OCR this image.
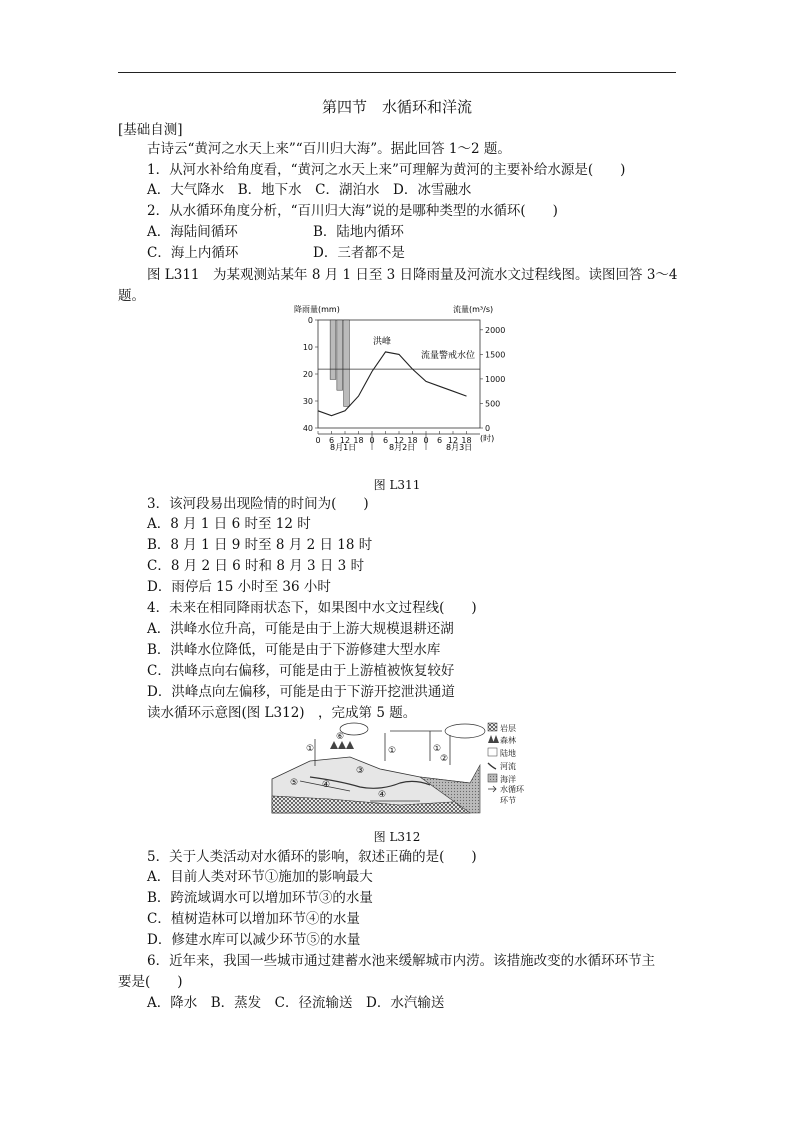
第四节　水循环和洋流
[基础自测]
古诗云“黄河之水天上来”“百川归大海”。据此回答 1～2 题。
1．从河水补给角度看，“黄河之水天上来”可理解为黄河的主要补给水源是(　　)
A．大气降水　B．地下水　C．湖泊水　D．冰雪融水
2．从水循环角度分析，“百川归大海”说的是哪种类型的水循环(　　)
A．海陆间循环	B．陆地内循环
C．海上内循环	D．三者都不是
图 L311　为某观测站某年 8 月 1 日至 3 日降雨量及河流水文过程线图。读图回答 3～4
题。
0
10
20
30
40
2000
1500
1000
500
0
0 6 12 18 0 6 12 18 0 6 12 18
降雨量(mm)	流量(m³/s)
洪峰
流量警戒水位
(时)
8月1日	8月2日	8月3日
图 L311
3．该河段易出现险情的时间为(　　)
A．8 月 1 日 6 时至 12 时
B．8 月 1 日 9 时至 8 月 2 日 18 时
C．8 月 2 日 6 时和 8 月 3 日 3 时
D．雨停后 15 小时至 36 小时
4．未来在相同降雨状态下，如果图中水文过程线(　　)
A．洪峰水位升高，可能是由于上游大规模退耕还湖
B．洪峰水位降低，可能是由于下游修建大型水库
C．洪峰点向右偏移，可能是由于上游植被恢复较好
D．洪峰点向左偏移，可能是由于下游开挖泄洪通道
读水循环示意图(图 L312)　，完成第 5 题。
①	①	①
②
③
④
④
⑤
⑥
岩层
森林
陆地
河流
海洋
水循环
环节
图 L312
5．关于人类活动对水循环的影响，叙述正确的是(　　)
A．目前人类对环节①施加的影响最大
B．跨流域调水可以增加环节③的水量
C．植树造林可以增加环节④的水量
D．修建水库可以减少环节⑤的水量
6．近年来，我国一些城市通过建蓄水池来缓解城市内涝。该措施改变的水循环环节主
要是(　　)
A．降水　B．蒸发　C．径流输送　D．水汽输送
